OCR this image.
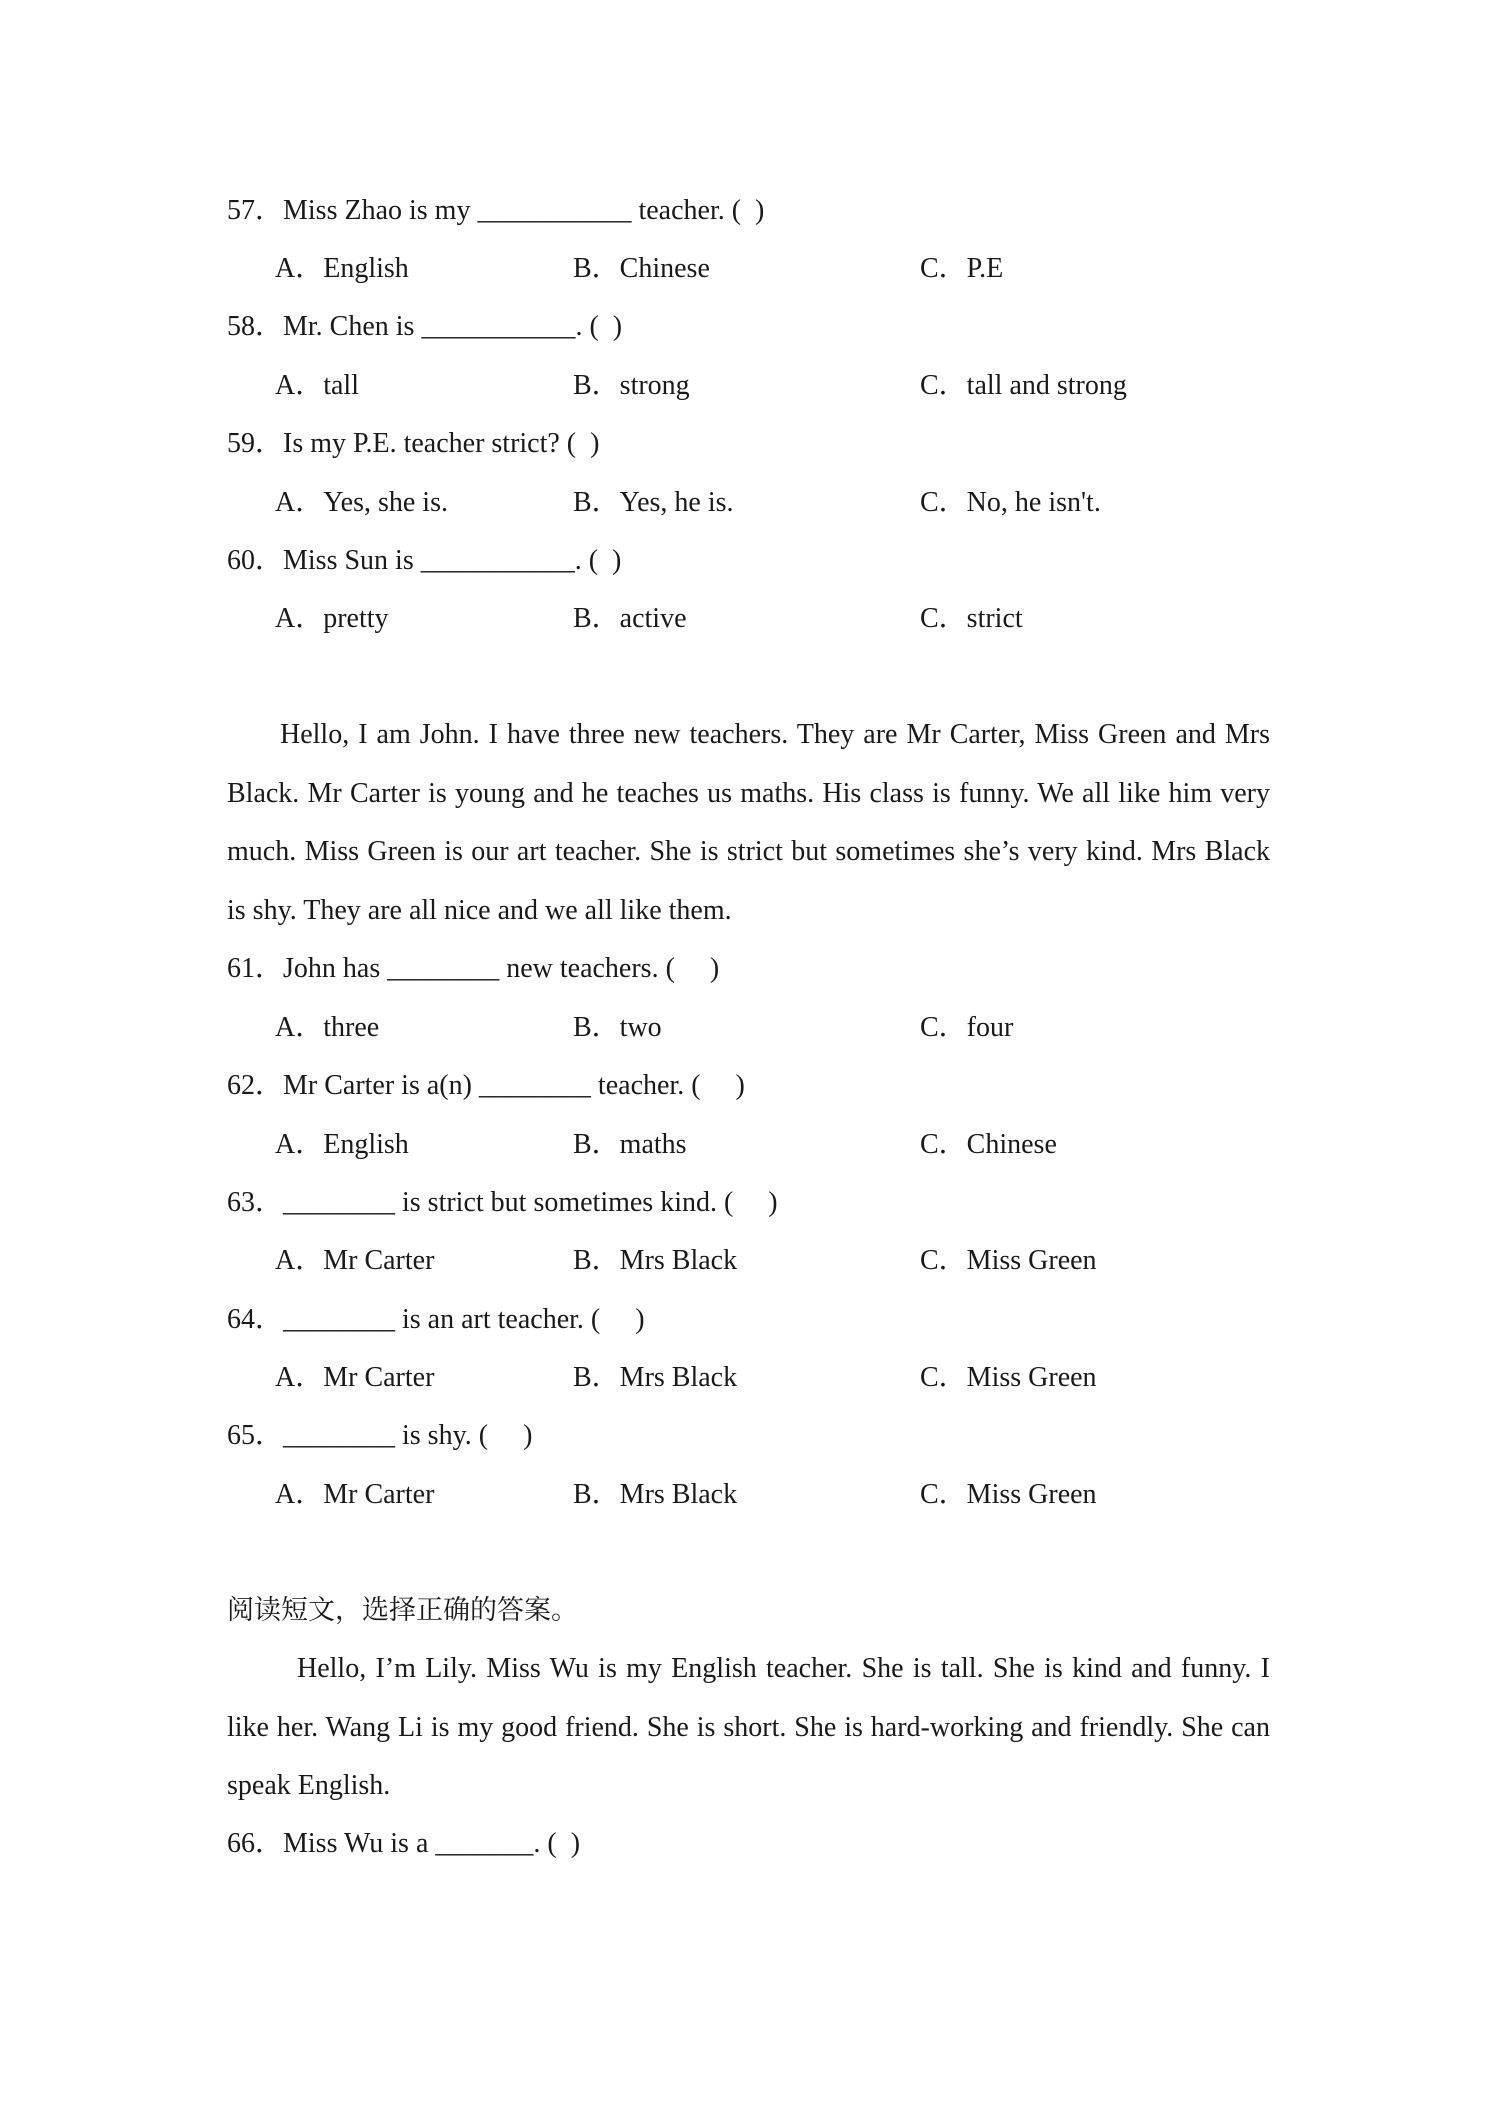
57．Miss Zhao is my ___________ teacher. (  )
A．English	B．Chinese	C．P.E
58．Mr. Chen is ___________. (  )
A．tall	B．strong	C．tall and strong
59．Is my P.E. teacher strict? (  )
A．Yes, she is.	B．Yes, he is.	C．No, he isn't.
60．Miss Sun is ___________. (  )
A．pretty	B．active	C．strict
Hello, I am John. I have three new teachers. They are Mr Carter, Miss Green and Mrs Black. Mr Carter is young and he teaches us maths. His class is funny. We all like him very much. Miss Green is our art teacher. She is strict but sometimes she’s very kind. Mrs Black is shy. They are all nice and we all like them.
61．John has ________ new teachers. (     )
A．three	B．two	C．four
62．Mr Carter is a(n) ________ teacher. (     )
A．English	B．maths	C．Chinese
63．________ is strict but sometimes kind. (     )
A．Mr Carter	B．Mrs Black	C．Miss Green
64．________ is an art teacher. (     )
A．Mr Carter	B．Mrs Black	C．Miss Green
65．________ is shy. (     )
A．Mr Carter	B．Mrs Black	C．Miss Green
阅读短文，选择正确的答案。
Hello, I’m Lily. Miss Wu is my English teacher. She is tall. She is kind and funny. I like her. Wang Li is my good friend. She is short. She is hard-working and friendly. She can speak English.
66．Miss Wu is a _______. (  )
